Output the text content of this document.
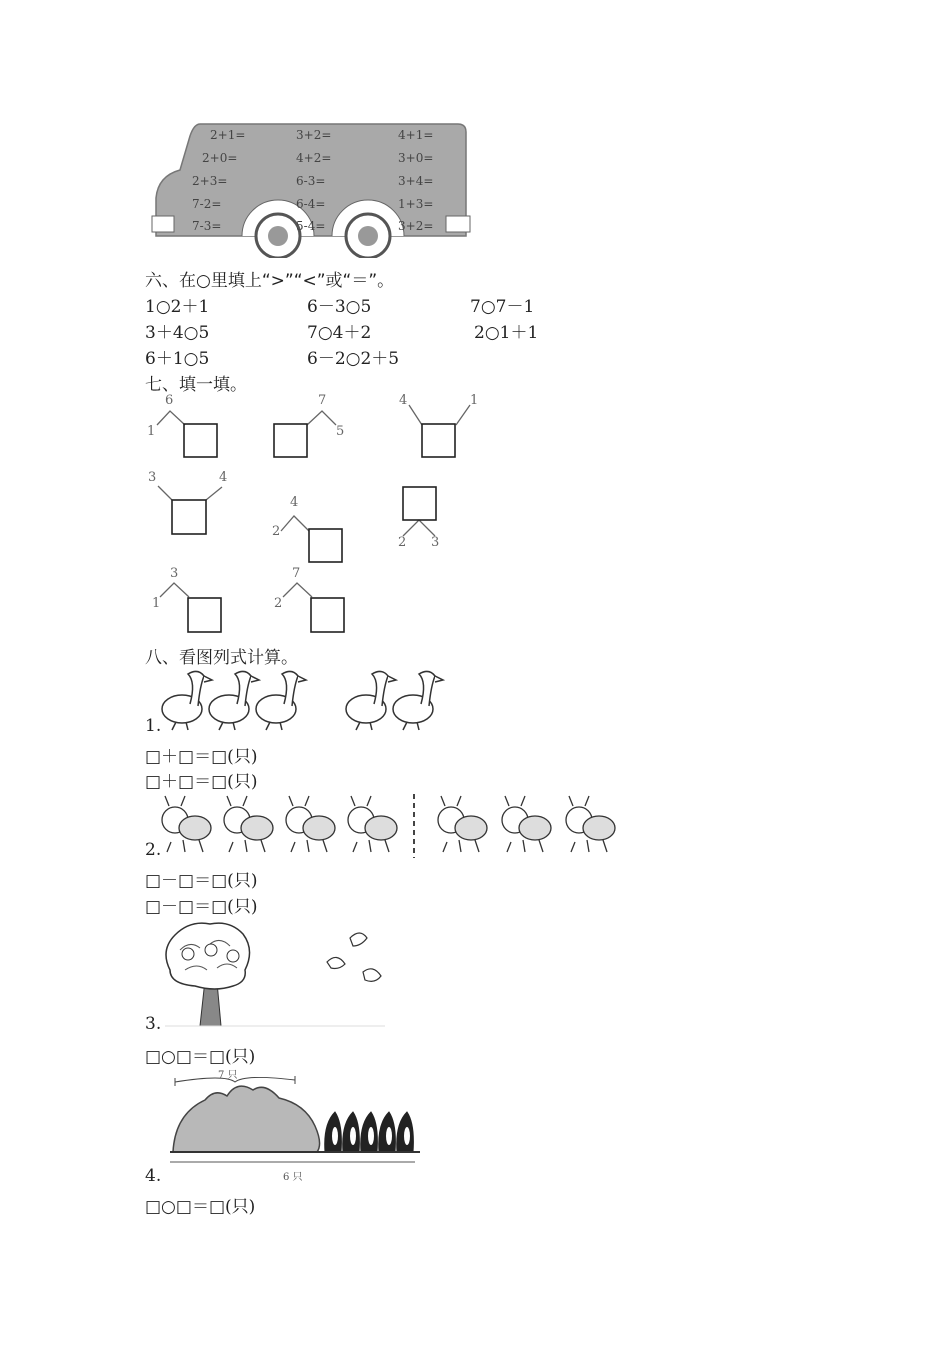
2+1=	3+2=	4+1=
2+0=	4+2=	3+0=
2+3=	6-3=	3+4=
7-2=	6-4=	1+3=
7-3=	5-4=	3+2=
六、在○里填上“>”“<”或“＝”。
1○2＋1	6－3○5	7○7－1
3＋4○5	7○4＋2	2○1＋1
6＋1○5	6－2○2＋5
七、填一填。
6
1
7
5
4	1
3	4
4
2
2 3
3
1
7
2
八、看图列式计算。
1.
□＋□＝□(只)
□＋□＝□(只)
2.
□－□＝□(只)
□－□＝□(只)
3.
□○□＝□(只)
7 只
6 只
4.
□○□＝□(只)
